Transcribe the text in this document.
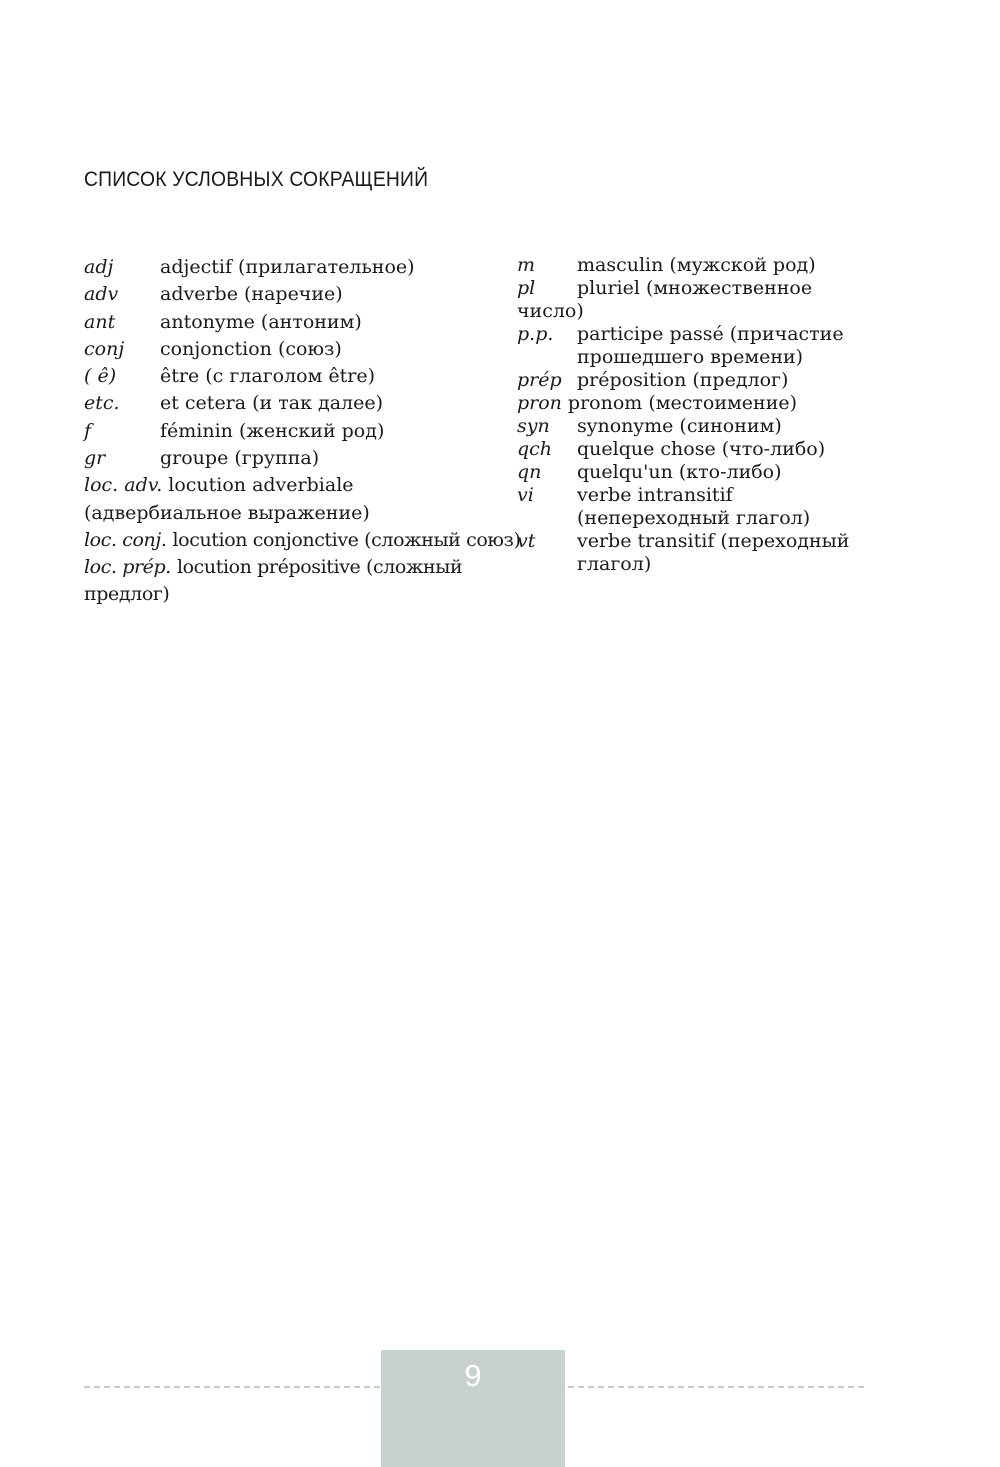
СПИСОК УСЛОВНЫХ СОКРАЩЕНИЙ
adj adjectif (прилагательное)
adv adverbe (наречие)
ant antonyme (антоним)
conj conjonction (союз)
( ê) être (с глаголом être)
etc. et cetera (и так далее)
f	féminin (женский род)
gr	groupe (группа)
loc. adv. locution adverbiale
(адвербиальное выражение)
loc. conj. locution conjonctive (сложный союз)
loc. prép. locution prépositive (сложный предлог)
m masculin (мужской род)
pl pluriel (множественное число)
p.p. participe passé (причастие
прошедшего времени)
prép préposition (предлог)
pron pronom (местоимение)
syn synonyme (синоним)
qch quelque chose (что-либо)
qn quelqu'un (кто-либо)
vi verbe intransitif
(непереходный глагол)
vt verbe transitif (переходный
глагол)
9
